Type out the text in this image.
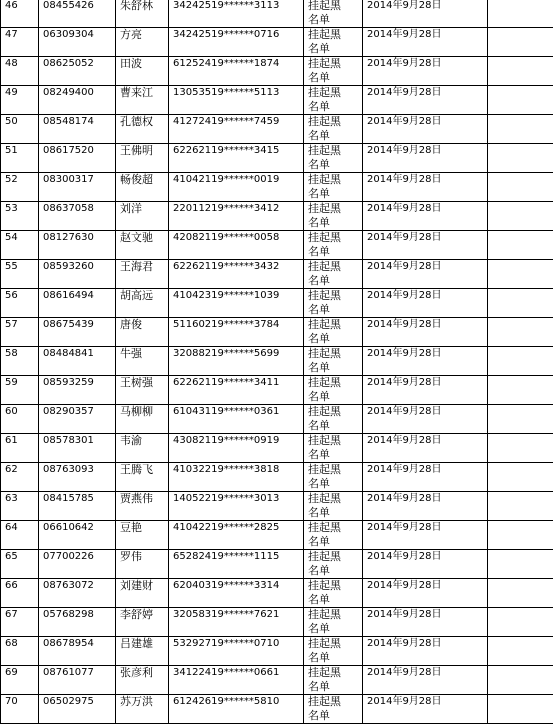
46	08455426	朱舒林	34242519******3113	挂起黑名单	2014年9月28日	
47	06309304	方亮	34242519******0716	挂起黑名单	2014年9月28日	
48	08625052	田波	61252419******1874	挂起黑名单	2014年9月28日	
49	08249400	曹来江	13053519******5113	挂起黑名单	2014年9月28日	
50	08548174	孔德权	41272419******7459	挂起黑名单	2014年9月28日	
51	08617520	王佛明	62262119******3415	挂起黑名单	2014年9月28日	
52	08300317	畅俊超	41042119******0019	挂起黑名单	2014年9月28日	
53	08637058	刘洋	22011219******3412	挂起黑名单	2014年9月28日	
54	08127630	赵文驰	42082119******0058	挂起黑名单	2014年9月28日	
55	08593260	王海君	62262119******3432	挂起黑名单	2014年9月28日	
56	08616494	胡高远	41042319******1039	挂起黑名单	2014年9月28日	
57	08675439	唐俊	51160219******3784	挂起黑名单	2014年9月28日	
58	08484841	牛强	32088219******5699	挂起黑名单	2014年9月28日	
59	08593259	王树强	62262119******3411	挂起黑名单	2014年9月28日	
60	08290357	马柳柳	61043119******0361	挂起黑名单	2014年9月28日	
61	08578301	韦渝	43082119******0919	挂起黑名单	2014年9月28日	
62	08763093	王腾飞	41032219******3818	挂起黑名单	2014年9月28日	
63	08415785	贾燕伟	14052219******3013	挂起黑名单	2014年9月28日	
64	06610642	豆艳	41042219******2825	挂起黑名单	2014年9月28日	
65	07700226	罗伟	65282419******1115	挂起黑名单	2014年9月28日	
66	08763072	刘建财	62040319******3314	挂起黑名单	2014年9月28日	
67	05768298	李舒婷	32058319******7621	挂起黑名单	2014年9月28日	
68	08678954	吕建雄	53292719******0710	挂起黑名单	2014年9月28日	
69	08761077	张彦利	34122419******0661	挂起黑名单	2014年9月28日	
70	06502975	苏万洪	61242619******5810	挂起黑名单	2014年9月28日	
